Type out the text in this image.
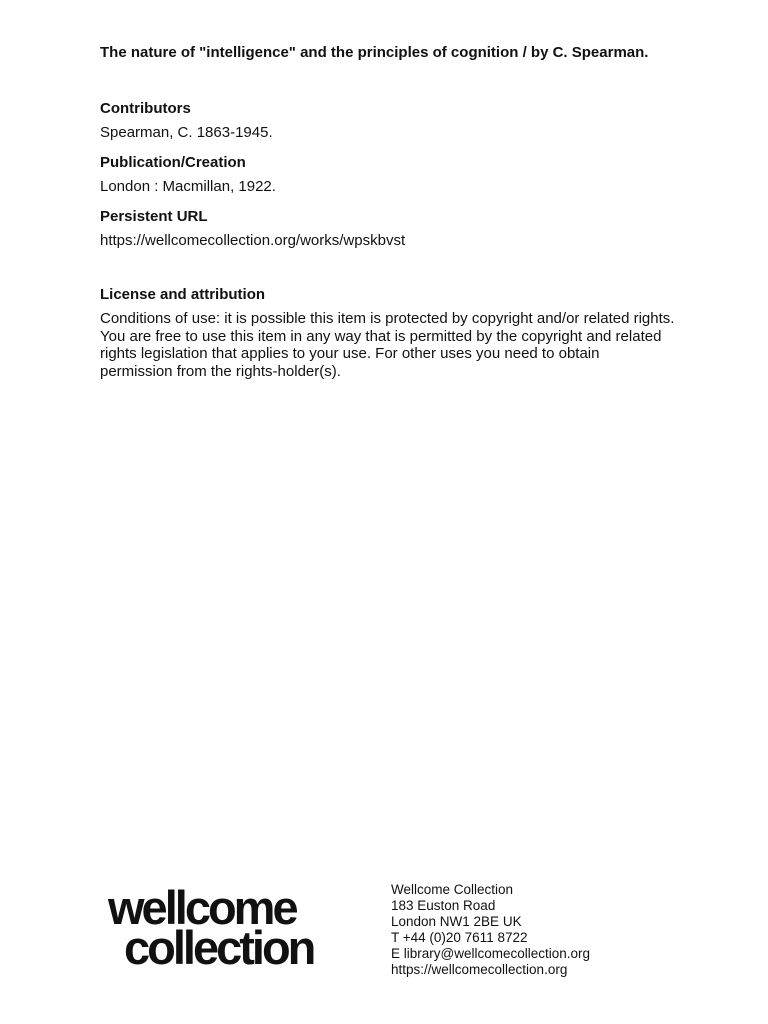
The nature of "intelligence" and the principles of cognition / by C. Spearman.

Contributors
Spearman, C. 1863-1945.
Publication/Creation
London : Macmillan, 1922.
Persistent URL
https://wellcomecollection.org/works/wpskbvst
License and attribution

Conditions of use: it is possible this item is protected by copyright and/or related rights. You are free to use this item in any way that is permitted by the copyright and related rights legislation that applies to your use. For other uses you need to obtain permission from the rights-holder(s).

wellcome
collection
Wellcome Collection
183 Euston Road
London NW1 2BE UK
T +44 (0)20 7611 8722
E library@wellcomecollection.org
https://wellcomecollection.org
